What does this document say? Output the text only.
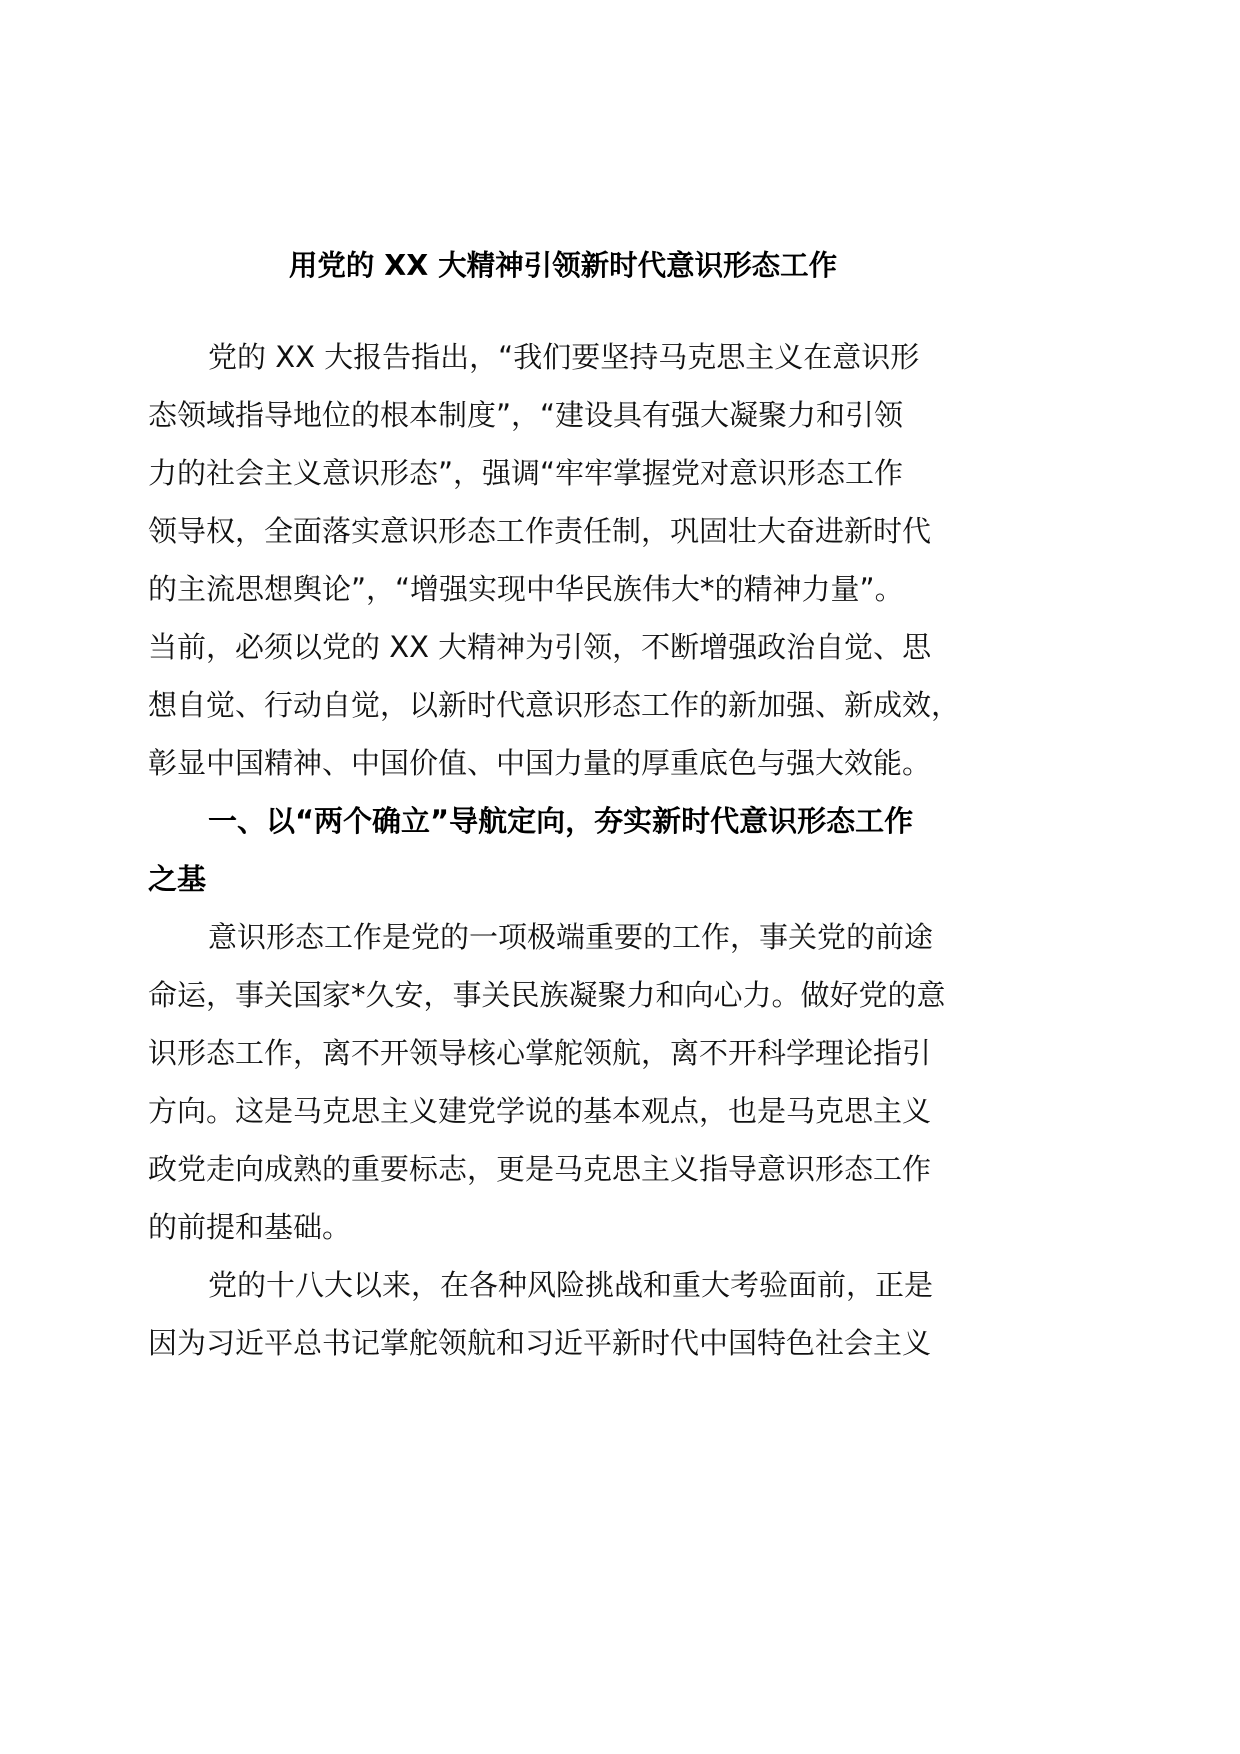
用党的 XX 大精神引领新时代意识形态工作
党的 XX 大报告指出，“我们要坚持马克思主义在意识形
态领域指导地位的根本制度”，“建设具有强大凝聚力和引领
力的社会主义意识形态”，强调“牢牢掌握党对意识形态工作
领导权，全面落实意识形态工作责任制，巩固壮大奋进新时代
的主流思想舆论”，“增强实现中华民族伟大*的精神力量”。
当前，必须以党的 XX 大精神为引领，不断增强政治自觉、思
想自觉、行动自觉，以新时代意识形态工作的新加强、新成效，
彰显中国精神、中国价值、中国力量的厚重底色与强大效能。
一、以“两个确立”导航定向，夯实新时代意识形态工作
之基
意识形态工作是党的一项极端重要的工作，事关党的前途
命运，事关国家*久安，事关民族凝聚力和向心力。做好党的意
识形态工作，离不开领导核心掌舵领航，离不开科学理论指引
方向。这是马克思主义建党学说的基本观点，也是马克思主义
政党走向成熟的重要标志，更是马克思主义指导意识形态工作
的前提和基础。
党的十八大以来，在各种风险挑战和重大考验面前，正是
因为习近平总书记掌舵领航和习近平新时代中国特色社会主义
